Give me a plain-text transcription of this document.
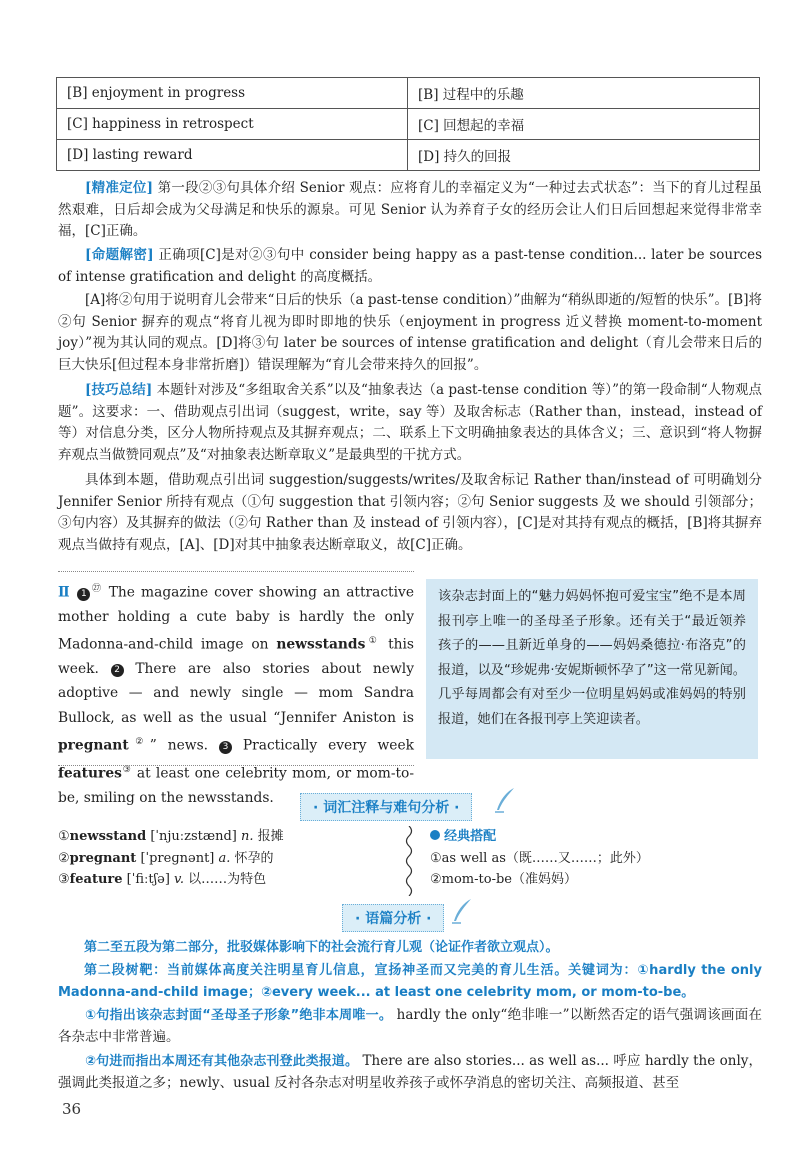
[B] enjoyment in progress	[B] 过程中的乐趣
[C] happiness in retrospect	[C] 回想起的幸福
[D] lasting reward	[D] 持久的回报
[精准定位] 第一段②③句具体介绍 Senior 观点：应将育儿的幸福定义为“一种过去式状态”：当下的育儿过程虽然艰难，日后却会成为父母满足和快乐的源泉。可见 Senior 认为养育子女的经历会让人们日后回想起来觉得非常幸福，[C]正确。
[命题解密] 正确项[C]是对②③句中 consider being happy as a past-tense condition... later be sources of intense gratification and delight 的高度概括。
[A]将②句用于说明育儿会带来“日后的快乐（a past-tense condition）”曲解为“稍纵即逝的/短暂的快乐”。[B]将②句 Senior 摒弃的观点“将育儿视为即时即地的快乐（enjoyment in progress 近义替换 moment-to-moment joy）”视为其认同的观点。[D]将③句 later be sources of intense gratification and delight（育儿会带来日后的巨大快乐[但过程本身非常折磨]）错误理解为“育儿会带来持久的回报”。
[技巧总结] 本题针对涉及“多组取舍关系”以及“抽象表达（a past-tense condition 等）”的第一段命制“人物观点题”。这要求：一、借助观点引出词（suggest，write，say 等）及取舍标志（Rather than，instead，instead of 等）对信息分类，区分人物所持观点及其摒弃观点；二、联系上下文明确抽象表达的具体含义；三、意识到“将人物摒弃观点当做赞同观点”及“对抽象表达断章取义”是最典型的干扰方式。
具体到本题，借助观点引出词 suggestion/suggests/writes/及取舍标记 Rather than/instead of 可明确划分 Jennifer Senior 所持有观点（①句 suggestion that 引领内容；②句 Senior suggests 及 we should 引领部分；③句内容）及其摒弃的做法（②句 Rather than 及 instead of 引领内容），[C]是对其持有观点的概括，[B]将其摒弃观点当做持有观点，[A]、[D]对其中抽象表达断章取义，故[C]正确。
Ⅱ 1 $^㉗$ The magazine cover showing an attractive mother holding a cute baby is hardly the only Madonna-and-child image on newsstands① this week. 2 There are also stories about newly adoptive — and newly single — mom Sandra Bullock, as well as the usual “Jennifer Aniston is pregnant②” news. 3 Practically every week features③ at least one celebrity mom, or mom-to-be, smiling on the newsstands.
该杂志封面上的“魅力妈妈怀抱可爱宝宝”绝不是本周报刊亭上唯一的圣母圣子形象。还有关于“最近领养孩子的——且新近单身的——妈妈桑德拉·布洛克”的报道，以及“珍妮弗·安妮斯顿怀孕了”这一常见新闻。几乎每周都会有对至少一位明星妈妈或准妈妈的特别报道，她们在各报刊亭上笑迎读者。
· 词汇注释与难句分析 ·
①newsstand [ˈnjuːzstænd] n. 报摊
②pregnant [ˈpreɡnənt] a. 怀孕的
③feature [ˈfiːtʃə] v. 以……为特色
经典搭配
①as well as（既……又……；此外）
②mom-to-be（准妈妈）
· 语篇分析 ·
第二至五段为第二部分，批驳媒体影响下的社会流行育儿观（论证作者欲立观点）。
第二段树靶：当前媒体高度关注明星育儿信息，宣扬神圣而又完美的育儿生活。关键词为：①hardly the only Madonna-and-child image；②every week... at least one celebrity mom, or mom-to-be。
①句指出该杂志封面“圣母圣子形象”绝非本周唯一。 hardly the only“绝非唯一”以断然否定的语气强调该画面在各杂志中非常普遍。
②句进而指出本周还有其他杂志刊登此类报道。 There are also stories... as well as... 呼应 hardly the only，强调此类报道之多；newly、usual 反衬各杂志对明星收养孩子或怀孕消息的密切关注、高频报道、甚至
36
